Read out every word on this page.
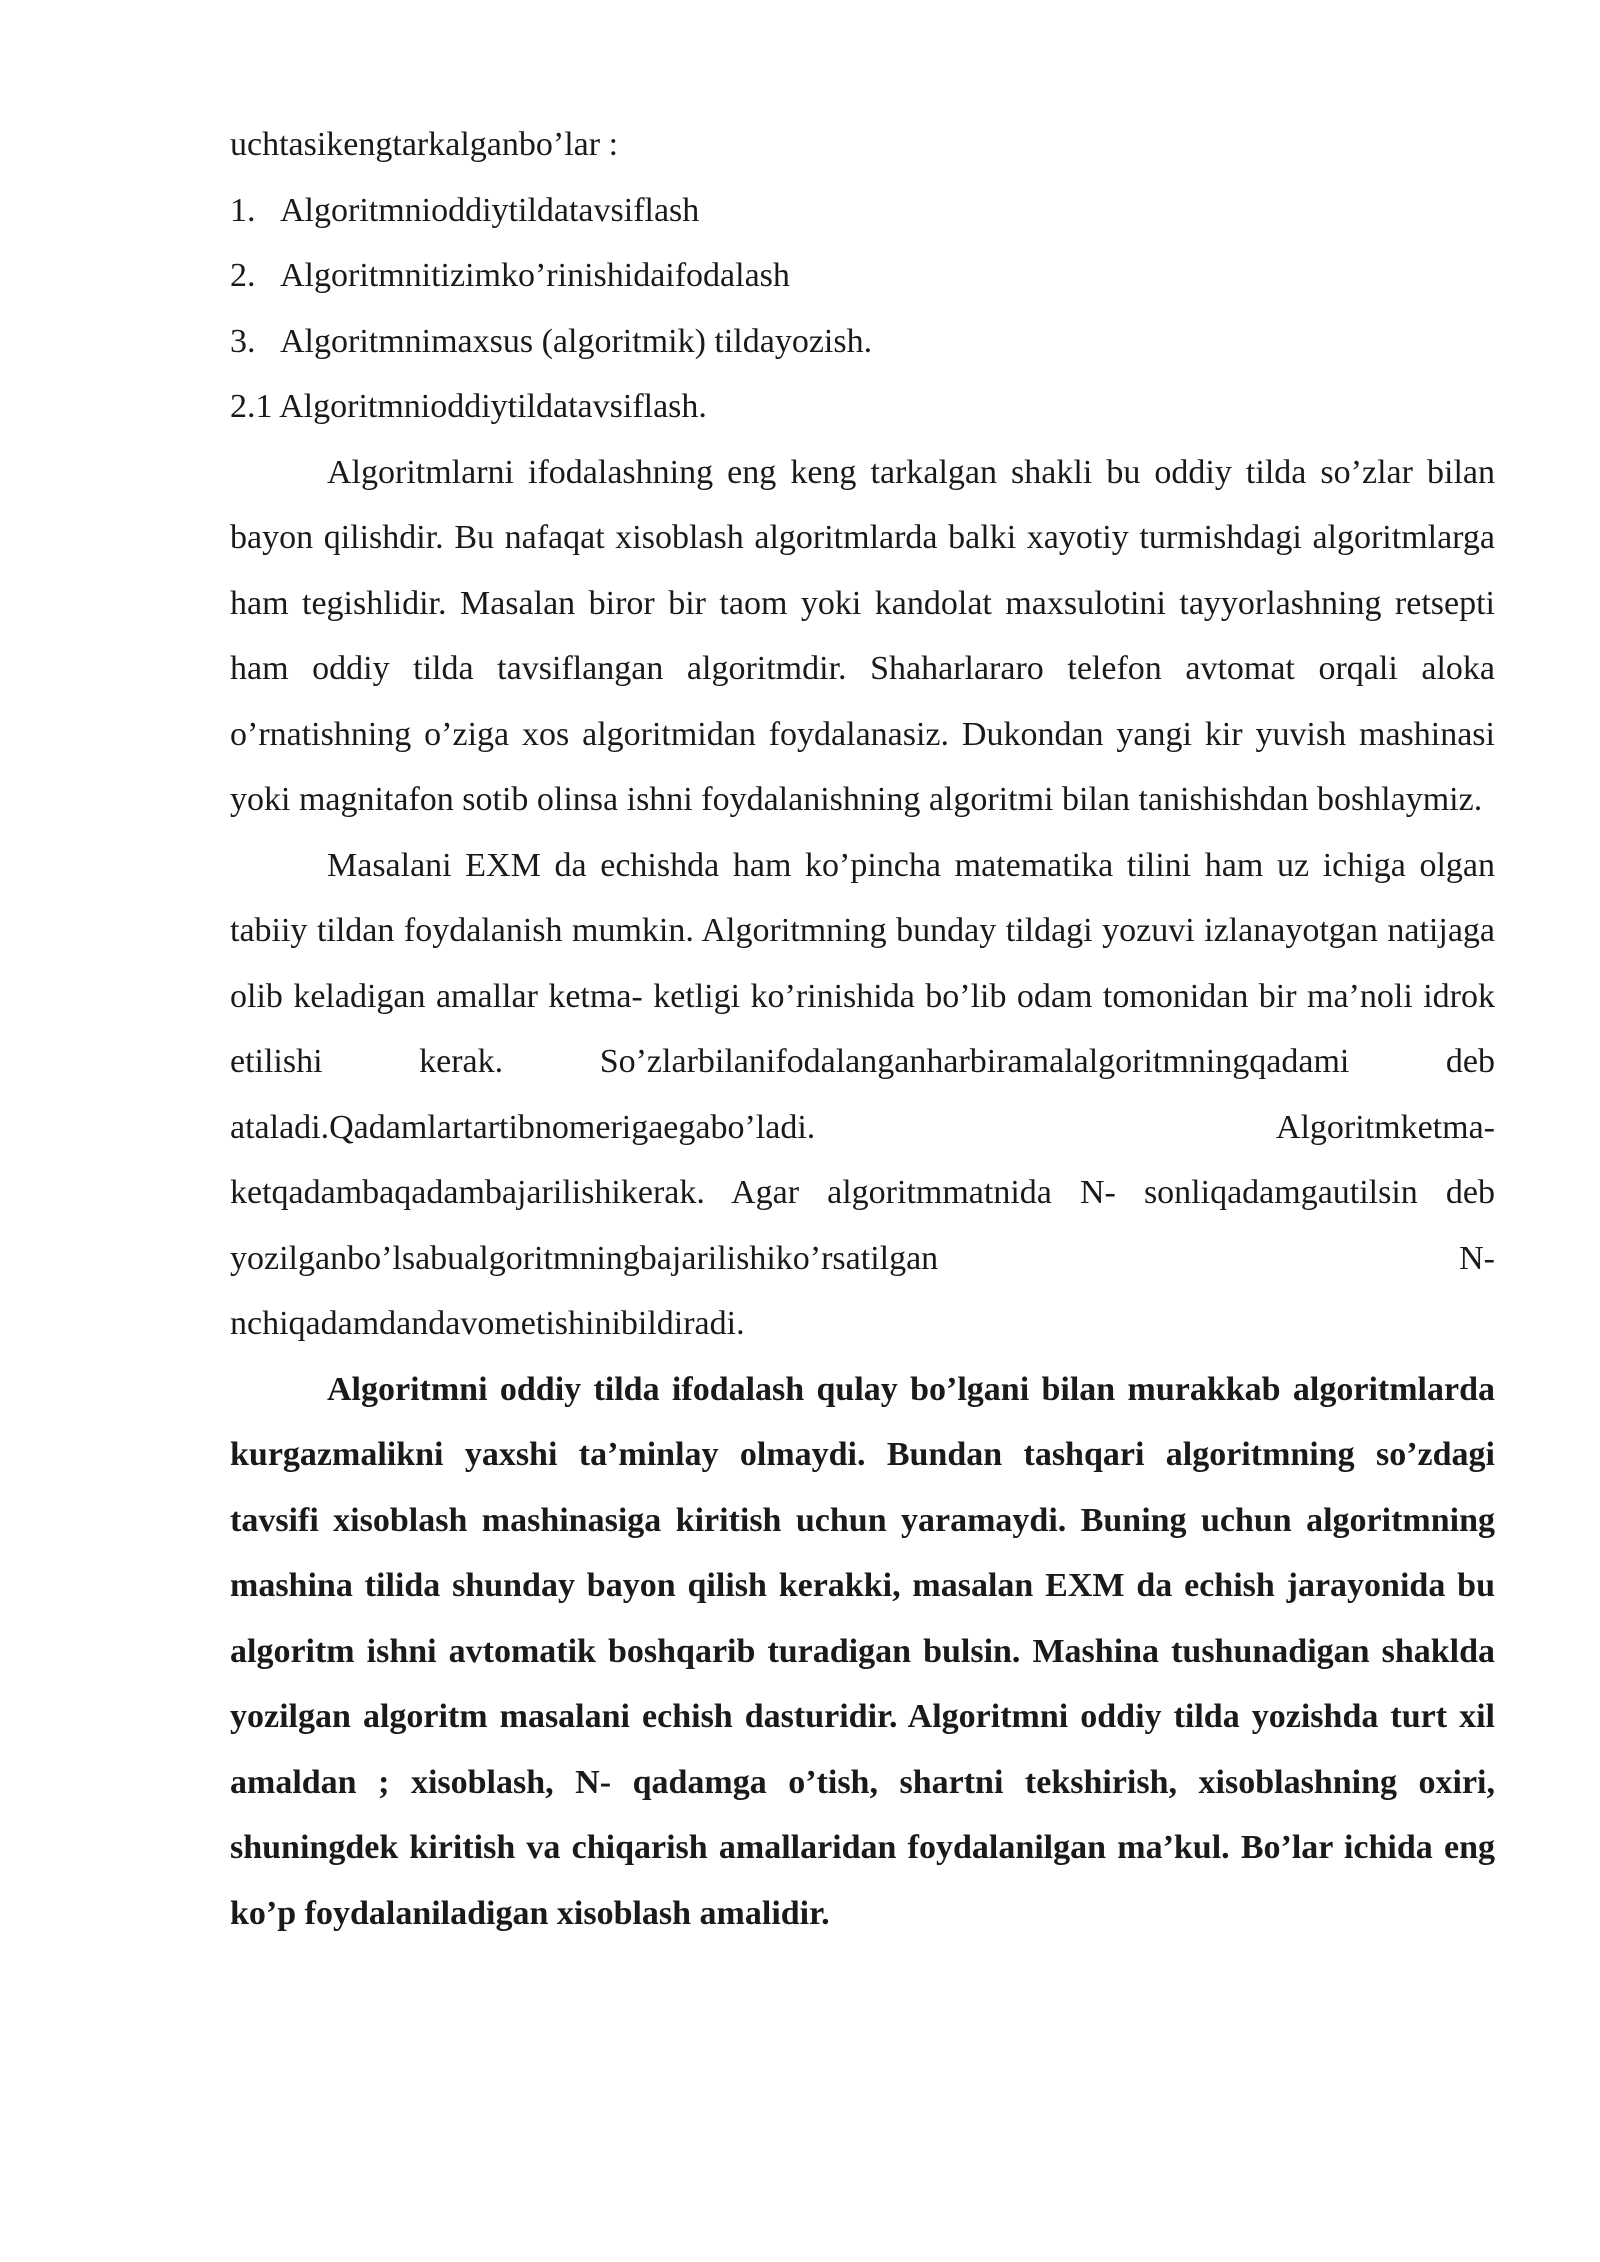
uchtasikengtarkalganbo’lar :
1. Algoritmnioddiytildatavsiflash
2. Algoritmnitizimko’rinishidaifodalash
3. Algoritmnimaxsus (algoritmik) tildayozish.
2.1 Algoritmnioddiytildatavsiflash.

Algoritmlarni ifodalashning eng keng tarkalgan shakli bu oddiy tilda so’zlar bilan bayon qilishdir. Bu nafaqat xisoblash algoritmlarda balki xayotiy turmishdagi algoritmlarga ham tegishlidir. Masalan biror bir taom yoki kandolat maxsulotini tayyorlashning retsepti ham oddiy tilda tavsiflangan algoritmdir. Shaharlararo telefon avtomat orqali aloka o’rnatishning o’ziga xos algoritmidan foydalanasiz. Dukondan yangi kir yuvish mashinasi yoki magnitafon sotib olinsa ishni foydalanishning algoritmi bilan tanishishdan boshlaymiz.

Masalani EXM da echishda ham ko’pincha matematika tilini ham uz ichiga olgan tabiiy tildan foydalanish mumkin. Algoritmning bunday tildagi yozuvi izlanayotgan natijaga olib keladigan amallar ketma- ketligi ko’rinishida bo’lib odam tomonidan bir ma’noli idrok etilishi kerak. So’zlarbilanifodalanganharbiramalalgoritmningqadami deb ataladi.Qadamlartartibnomerigaegabo’ladi. Algoritmketma-ketqadambaqadambajarilishikerak. Agar algoritmmatnida N- sonliqadamgautilsin deb yozilganbo’lsabualgoritmningbajarilishiko’rsatilgan N-nchiqadamdandavometishinibildiradi.

Algoritmni oddiy tilda ifodalash qulay bo’lgani bilan murakkab algoritmlarda kurgazmalikni yaxshi ta’minlay olmaydi. Bundan tashqari algoritmning so’zdagi tavsifi xisoblash mashinasiga kiritish uchun yaramaydi. Buning uchun algoritmning mashina tilida shunday bayon qilish kerakki, masalan EXM da echish jarayonida bu algoritm ishni avtomatik boshqarib turadigan bulsin. Mashina tushunadigan shaklda yozilgan algoritm masalani echish dasturidir. Algoritmni oddiy tilda yozishda turt xil amaldan ; xisoblash, N- qadamga o’tish, shartni tekshirish, xisoblashning oxiri, shuningdek kiritish va chiqarish amallaridan foydalanilgan ma’kul. Bo’lar ichida eng ko’p foydalaniladigan xisoblash amalidir.
